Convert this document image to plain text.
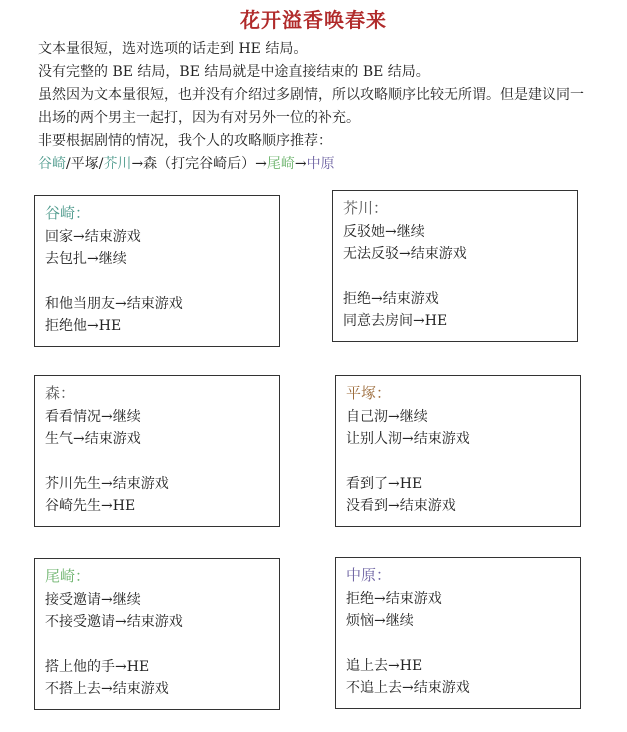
花开溢香唤春来
文本量很短，选对选项的话走到 HE 结局。
没有完整的 BE 结局，BE 结局就是中途直接结束的 BE 结局。
虽然因为文本量很短，也并没有介绍过多剧情，所以攻略顺序比较无所谓。但是建议同一
出场的两个男主一起打，因为有对另外一位的补充。
非要根据剧情的情况，我个人的攻略顺序推荐：
谷崎/平塚/芥川→森（打完谷崎后）→尾崎→中原
谷崎：
回家→结束游戏
去包扎→继续
和他当朋友→结束游戏
拒绝他→HE
芥川：
反驳她→继续
无法反驳→结束游戏
拒绝→结束游戏
同意去房间→HE
森：
看看情况→继续
生气→结束游戏
芥川先生→结束游戏
谷崎先生→HE
平塚：
自己沏→继续
让别人沏→结束游戏
看到了→HE
没看到→结束游戏
尾崎：
接受邀请→继续
不接受邀请→结束游戏
搭上他的手→HE
不搭上去→结束游戏
中原：
拒绝→结束游戏
烦恼→继续
追上去→HE
不追上去→结束游戏
